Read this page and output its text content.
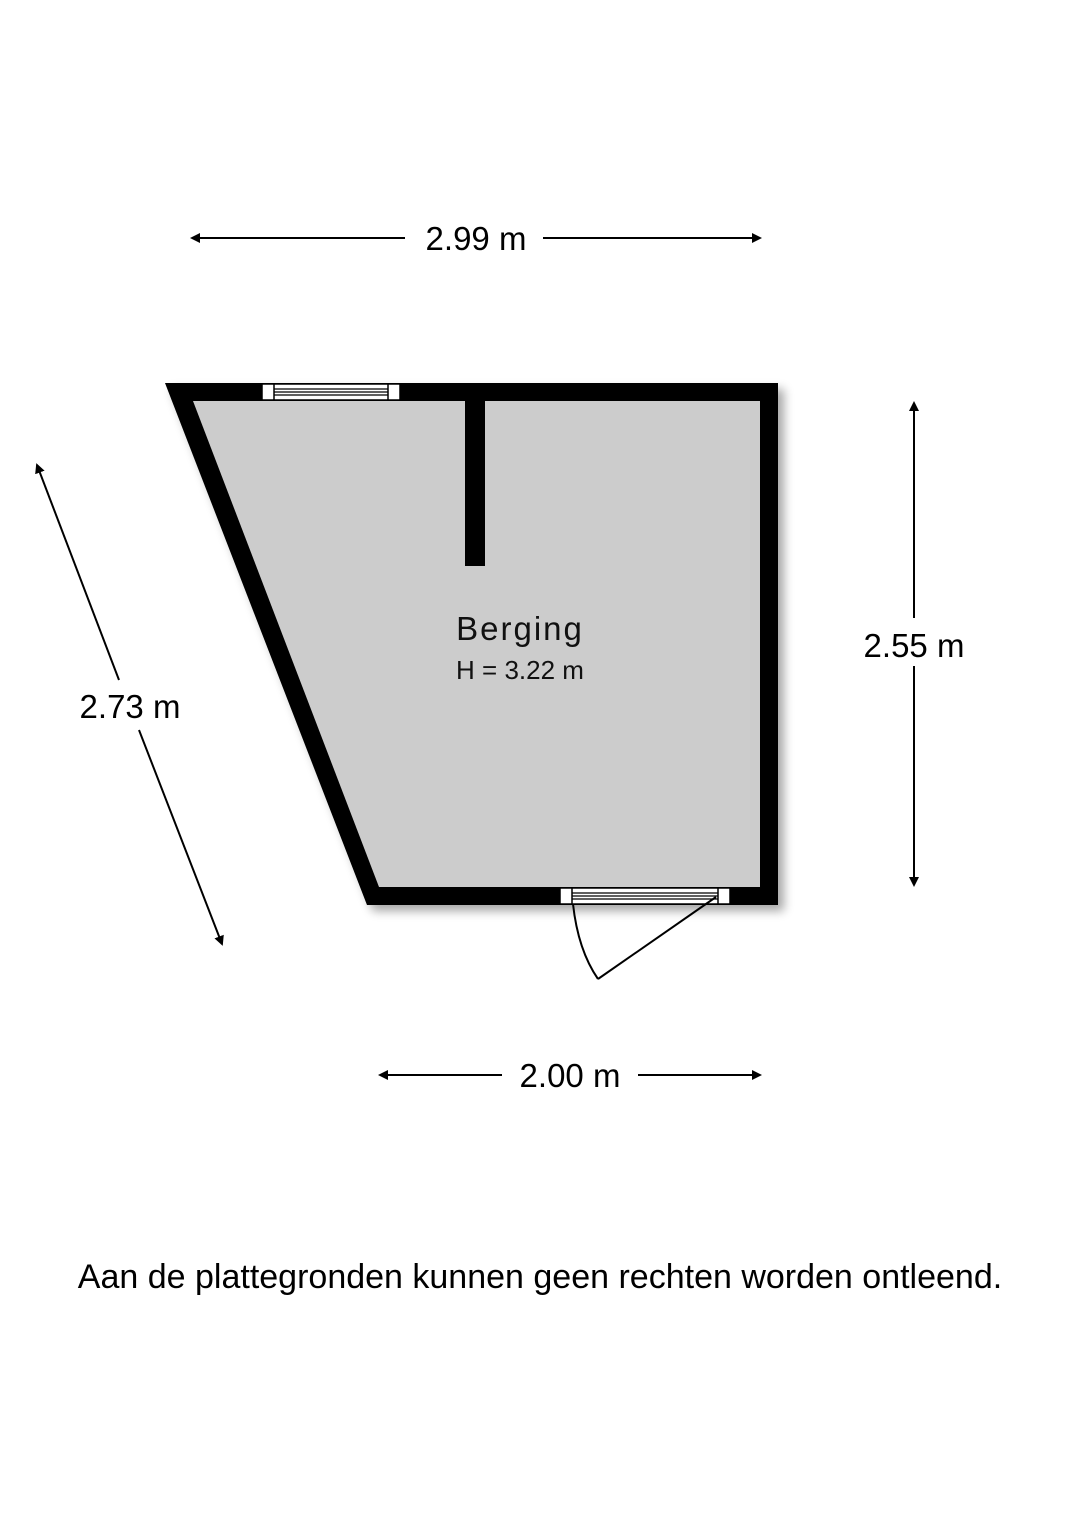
Berging
H = 3.22 m
2.99 m
2.55 m
2.73 m
2.00 m
Aan de plattegronden kunnen geen rechten worden ontleend.
